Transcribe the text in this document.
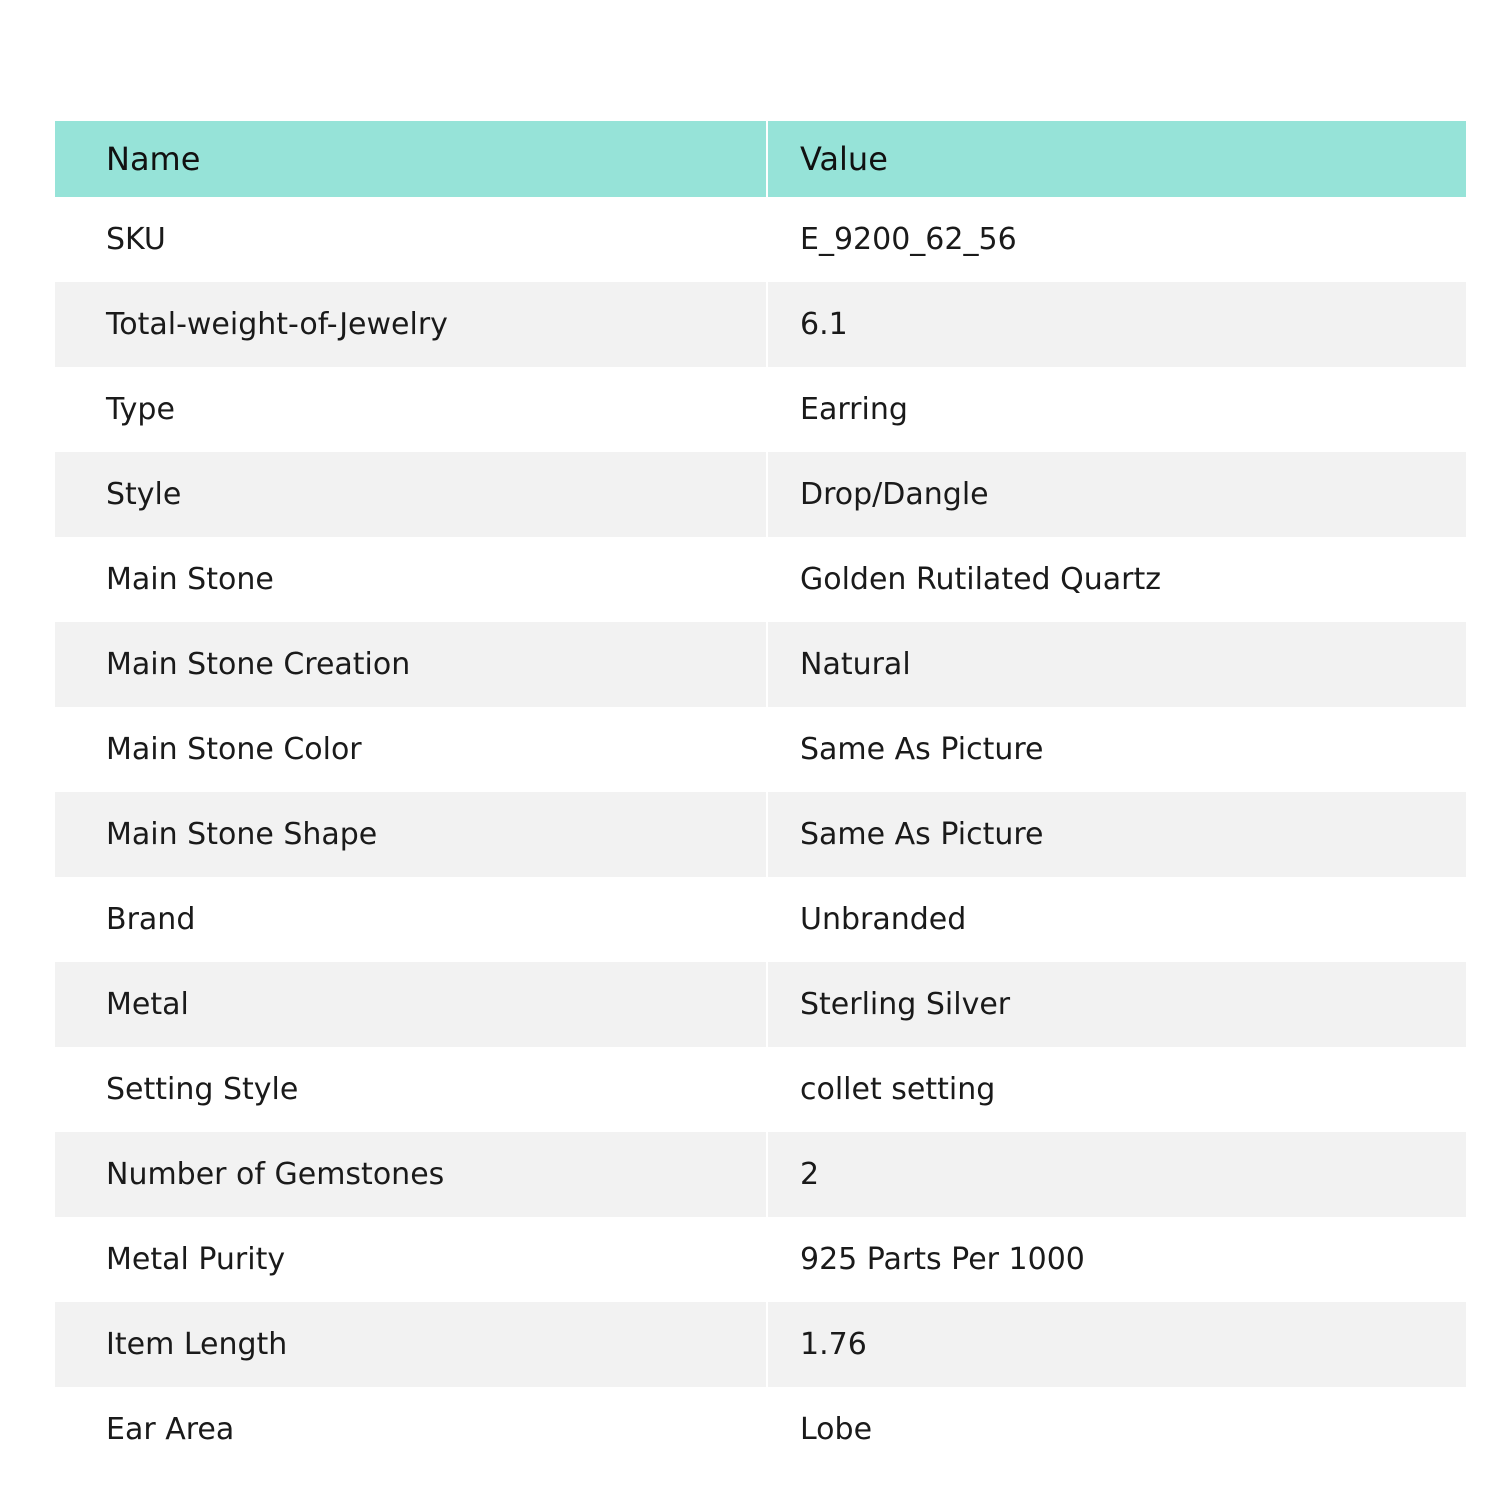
Name		Value
SKU		E_9200_62_56
Total-weight-of-Jewelry		6.1
Type		Earring
Style		Drop/Dangle
Main Stone		Golden Rutilated Quartz
Main Stone Creation		Natural
Main Stone Color		Same As Picture
Main Stone Shape		Same As Picture
Brand		Unbranded
Metal		Sterling Silver
Setting Style		collet setting
Number of Gemstones		2
Metal Purity		925 Parts Per 1000
Item Length		1.76
Ear Area		Lobe
